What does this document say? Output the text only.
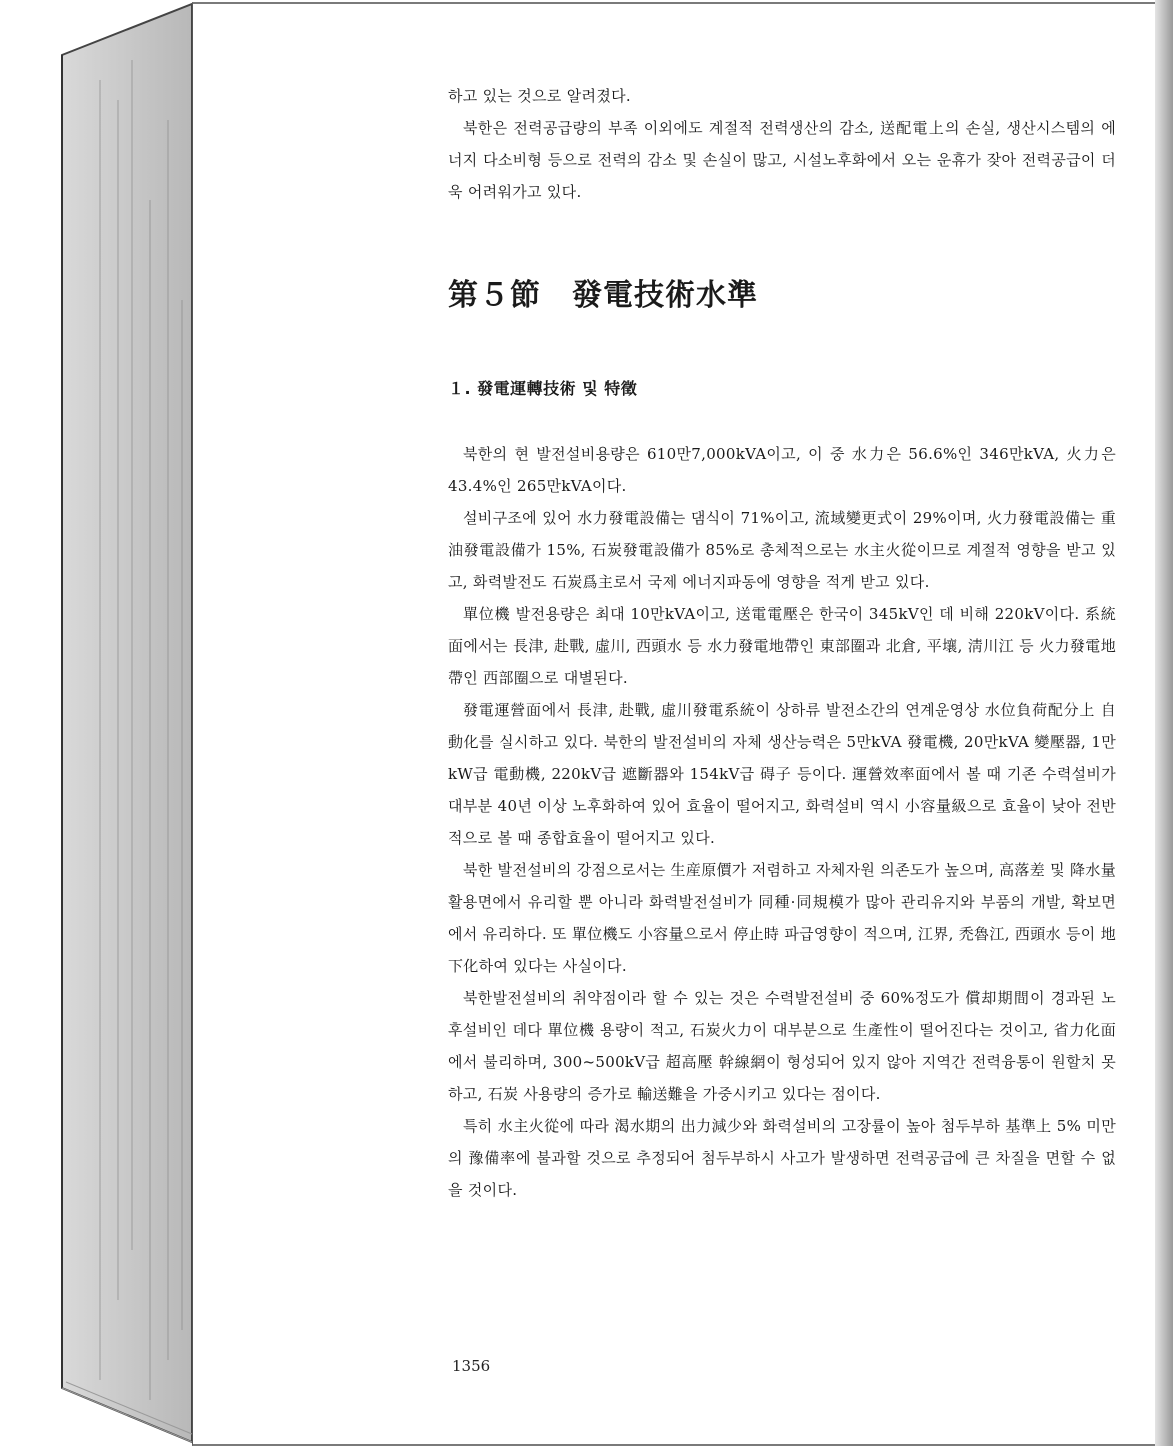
하고 있는 것으로 알려졌다.

북한은 전력공급량의 부족 이외에도 계절적 전력생산의 감소, 送配電上의 손실, 생산시스템의 에너지 다소비형 등으로 전력의 감소 및 손실이 많고, 시설노후화에서 오는 운휴가 잦아 전력공급이 더욱 어려워가고 있다.

第５節　發電技術水準
１. 發電運轉技術 및 特徵

북한의 현 발전설비용량은 610만7,000kVA이고, 이 중 水力은 56.6%인 346만kVA, 火力은 43.4%인 265만kVA이다.

설비구조에 있어 水力發電設備는 댐식이 71%이고, 流域變更式이 29%이며, 火力發電設備는 重油發電設備가 15%, 石炭發電設備가 85%로 총체적으로는 水主火從이므로 계절적 영향을 받고 있고, 화력발전도 石炭爲主로서 국제 에너지파동에 영향을 적게 받고 있다.

單位機 발전용량은 최대 10만kVA이고, 送電電壓은 한국이 345kV인 데 비해 220kV이다. 系統面에서는 長津, 赴戰, 虛川, 西頭水 등 水力發電地帶인 東部圈과 北倉, 平壤, 淸川江 등 火力發電地帶인 西部圈으로 대별된다.

發電運營面에서 長津, 赴戰, 虛川發電系統이 상하류 발전소간의 연계운영상 水位負荷配分上 自動化를 실시하고 있다. 북한의 발전설비의 자체 생산능력은 5만kVA 發電機, 20만kVA 變壓器, 1만kW급 電動機, 220kV급 遮斷器와 154kV급 碍子 등이다. 運營效率面에서 볼 때 기존 수력설비가 대부분 40년 이상 노후화하여 있어 효율이 떨어지고, 화력설비 역시 小容量級으로 효율이 낮아 전반적으로 볼 때 종합효율이 떨어지고 있다.

북한 발전설비의 강점으로서는 生産原價가 저렴하고 자체자원 의존도가 높으며, 高落差 및 降水量 활용면에서 유리할 뿐 아니라 화력발전설비가 同種·同規模가 많아 관리유지와 부품의 개발, 확보면에서 유리하다. 또 單位機도 小容量으로서 停止時 파급영향이 적으며, 江界, 禿魯江, 西頭水 등이 地下化하여 있다는 사실이다.

북한발전설비의 취약점이라 할 수 있는 것은 수력발전설비 중 60%정도가 償却期間이 경과된 노후설비인 데다 單位機 용량이 적고, 石炭火力이 대부분으로 生產性이 떨어진다는 것이고, 省力化面에서 불리하며, 300~500kV급 超高壓 幹線網이 형성되어 있지 않아 지역간 전력융통이 원할치 못하고, 石炭 사용량의 증가로 輸送難을 가중시키고 있다는 점이다.

특히 水主火從에 따라 渴水期의 出力減少와 화력설비의 고장률이 높아 첨두부하 基準上 5% 미만의 豫備率에 불과할 것으로 추정되어 첨두부하시 사고가 발생하면 전력공급에 큰 차질을 면할 수 없을 것이다.

1356
